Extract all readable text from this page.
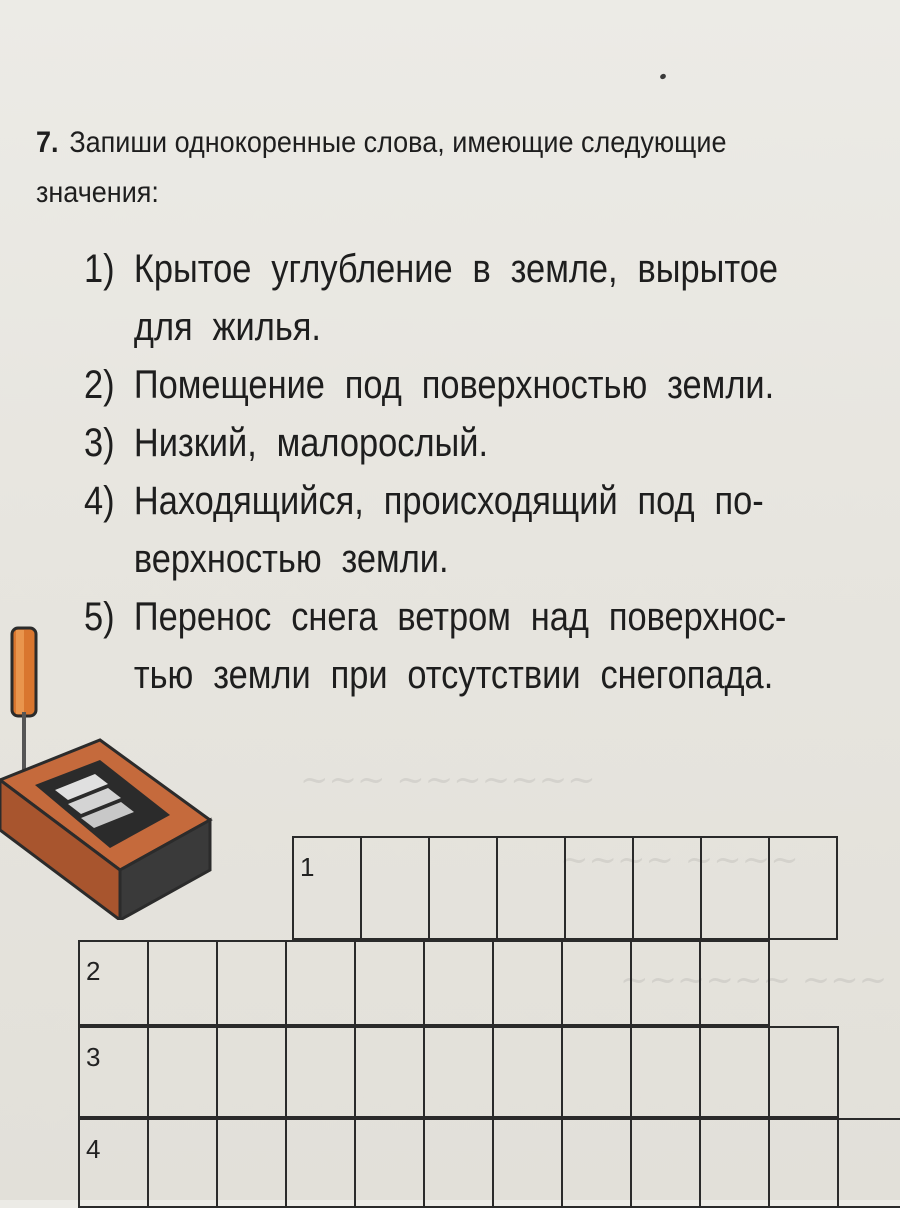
~~~ ~~~~~~~
~~~~ ~~~~
~~~~~~ ~~~
7. Запиши однокоренные слова, имеющие следующие
значения:
1) Крытое углубление в земле, вырытое
для жилья.
2) Помещение под поверхностью земли.
3) Низкий, малорослый.
4) Находящийся, происходящий под по-
верхностью земли.
5) Перенос снега ветром над поверхнос-
тью земли при отсутствии снегопада.
1
2
3
4
